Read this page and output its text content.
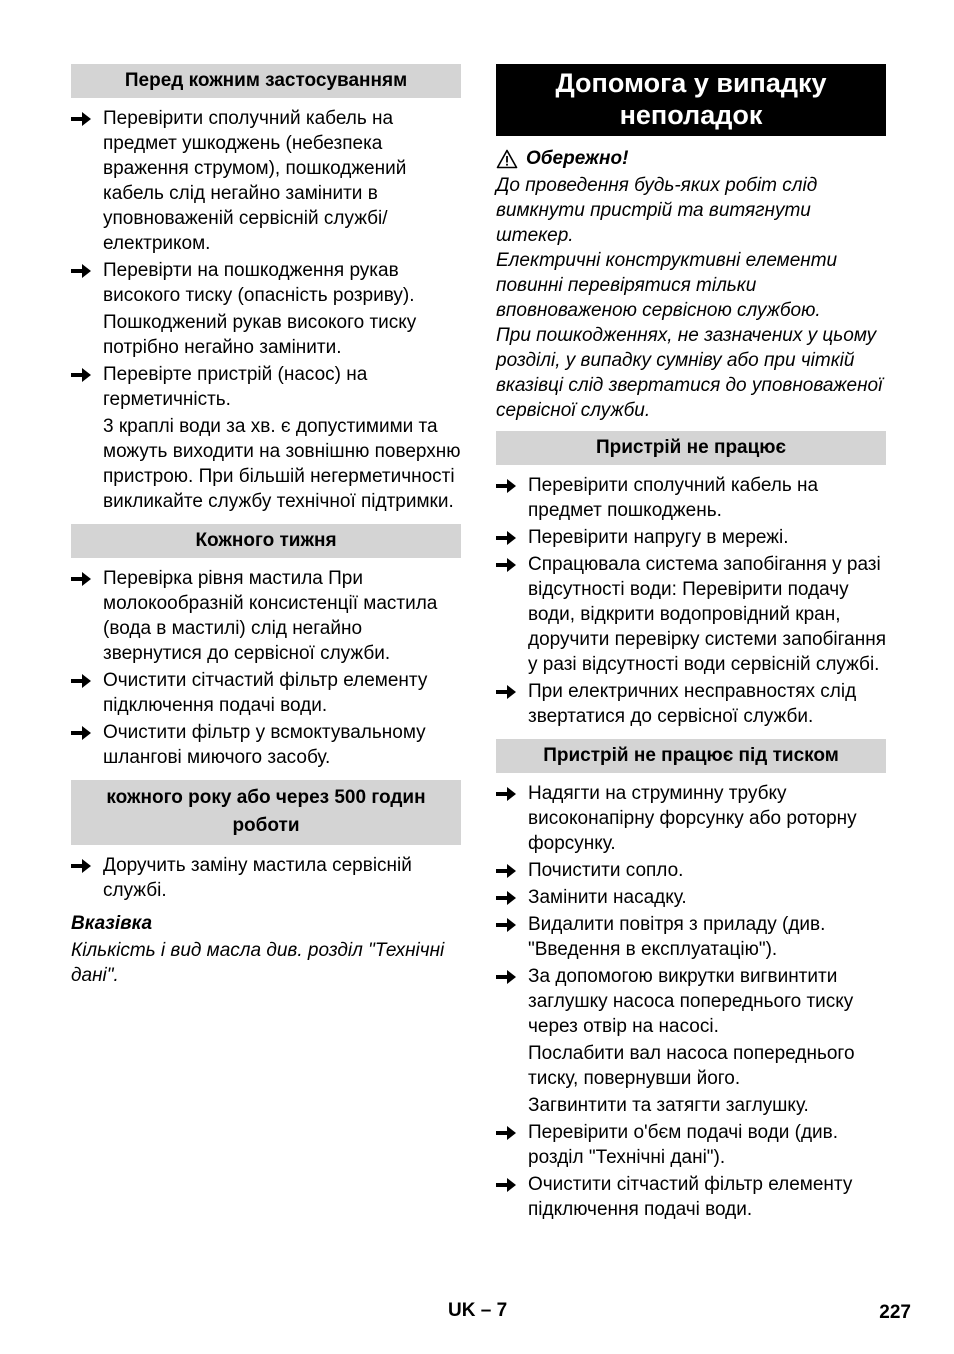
Перед кожним застосуванням
Перевірити сполучний кабель на предмет ушкоджень (небезпека враження струмом), пошкоджений кабель слід негайно замінити в уповноваженій сервісній службі/ електриком.
Перевірти на пошкодження рукав високого тиску (опасність розриву).
Пошкоджений рукав високого тиску потрібно негайно замінити.
Перевірте пристрій (насос) на герметичність.
3 краплі води за хв. є допустимими та можуть виходити на зовнішню поверхню пристрою. При більшій негерметичності викликайте службу технічної підтримки.
Кожного тижня
Перевірка рівня мастила При молокообразній консистенції мастила (вода в мастилі) слід негайно звернутися до сервісної служби.
Очистити сітчастий фільтр елементу підключення подачі води.
Очистити фільтр у всмоктувальному шлангові миючого засобу.
кожного року або через 500 годин роботи
Доручить заміну мастила сервісній службі.
Вказівка
Кількість і вид масла див. розділ "Технічні дані".
Допомога у випадку неполадок
Обережно!
До проведення будь-яких робіт слід вимкнути пристрій та витягнути штекер.
Електричні конструктивні елементи повинні перевірятися тільки вповноваженою сервісною службою.
При пошкодженнях, не зазначених у цьому розділі, у випадку сумніву або при чіткій вказівці слід звертатися до уповноваженої сервісної служби.
Пристрій не працює
Перевірити сполучний кабель на предмет пошкоджень.
Перевірити напругу в мережі.
Спрацювала система запобігання у разі відсутності води: Перевірити подачу води, відкрити водопровідний кран, доручити перевірку системи запобігання у разі відсутності води сервісній службі.
При електричних несправностях слід звертатися до сервісної служби.
Пристрій не працює під тиском
Надягти на струминну трубку високонапірну форсунку або роторну форсунку.
Почистити сопло.
Замінити насадку.
Видалити повітря з приладу (див. "Введення в експлуатацію").
За допомогою викрутки вигвинтити заглушку насоса попереднього тиску через отвір на насосі.
Послабити вал насоса попереднього тиску, повернувши його.
Загвинтити та затягти заглушку.
Перевірити о'бєм подачі води (див. розділ "Технічні дані").
Очистити сітчастий фільтр елементу підключення подачі води.
UK – 7	227
